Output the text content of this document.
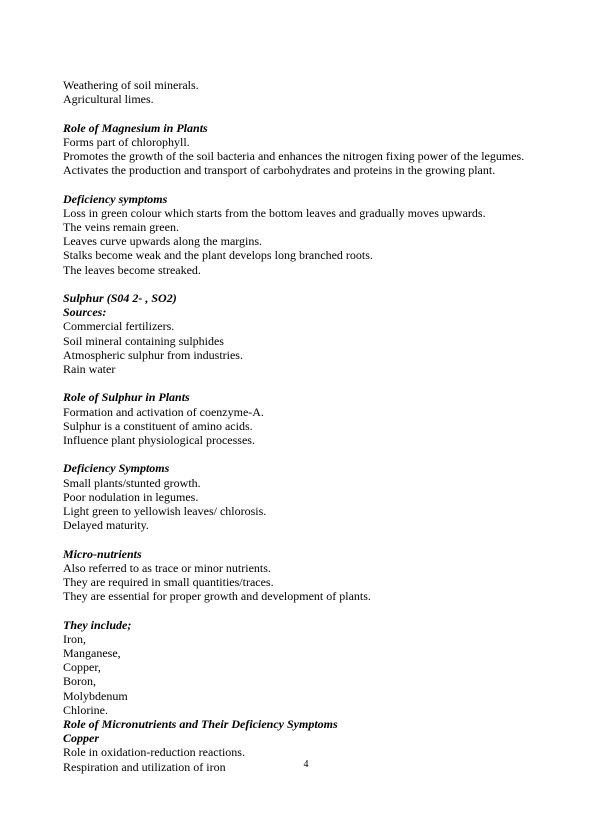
Weathering of soil minerals.
Agricultural limes.
Role of Magnesium in Plants
Forms part of chlorophyll.
Promotes the growth of the soil bacteria and enhances the nitrogen fixing power of the legumes.
Activates the production and transport of carbohydrates and proteins in the growing plant.
Deficiency symptoms
Loss in green colour which starts from the bottom leaves and gradually moves upwards.
The veins remain green.
Leaves curve upwards along the margins.
Stalks become weak and the plant develops long branched roots.
The leaves become streaked.
Sulphur (S04 2- , SO2)
Sources:
Commercial fertilizers.
Soil mineral containing sulphides
Atmospheric sulphur from industries.
Rain water
Role of Sulphur in Plants
Formation and activation of coenzyme-A.
Sulphur is a constituent of amino acids.
Influence plant physiological processes.
Deficiency Symptoms
Small plants/stunted growth.
Poor nodulation in legumes.
Light green to yellowish leaves/ chlorosis.
Delayed maturity.
Micro-nutrients
Also referred to as trace or minor nutrients.
They are required in small quantities/traces.
They are essential for proper growth and development of plants.
They include;
Iron,
Manganese,
Copper,
Boron,
Molybdenum
Chlorine.
Role of Micronutrients and Their Deficiency Symptoms
Copper
Role in oxidation-reduction reactions.
Respiration and utilization of iron	4
